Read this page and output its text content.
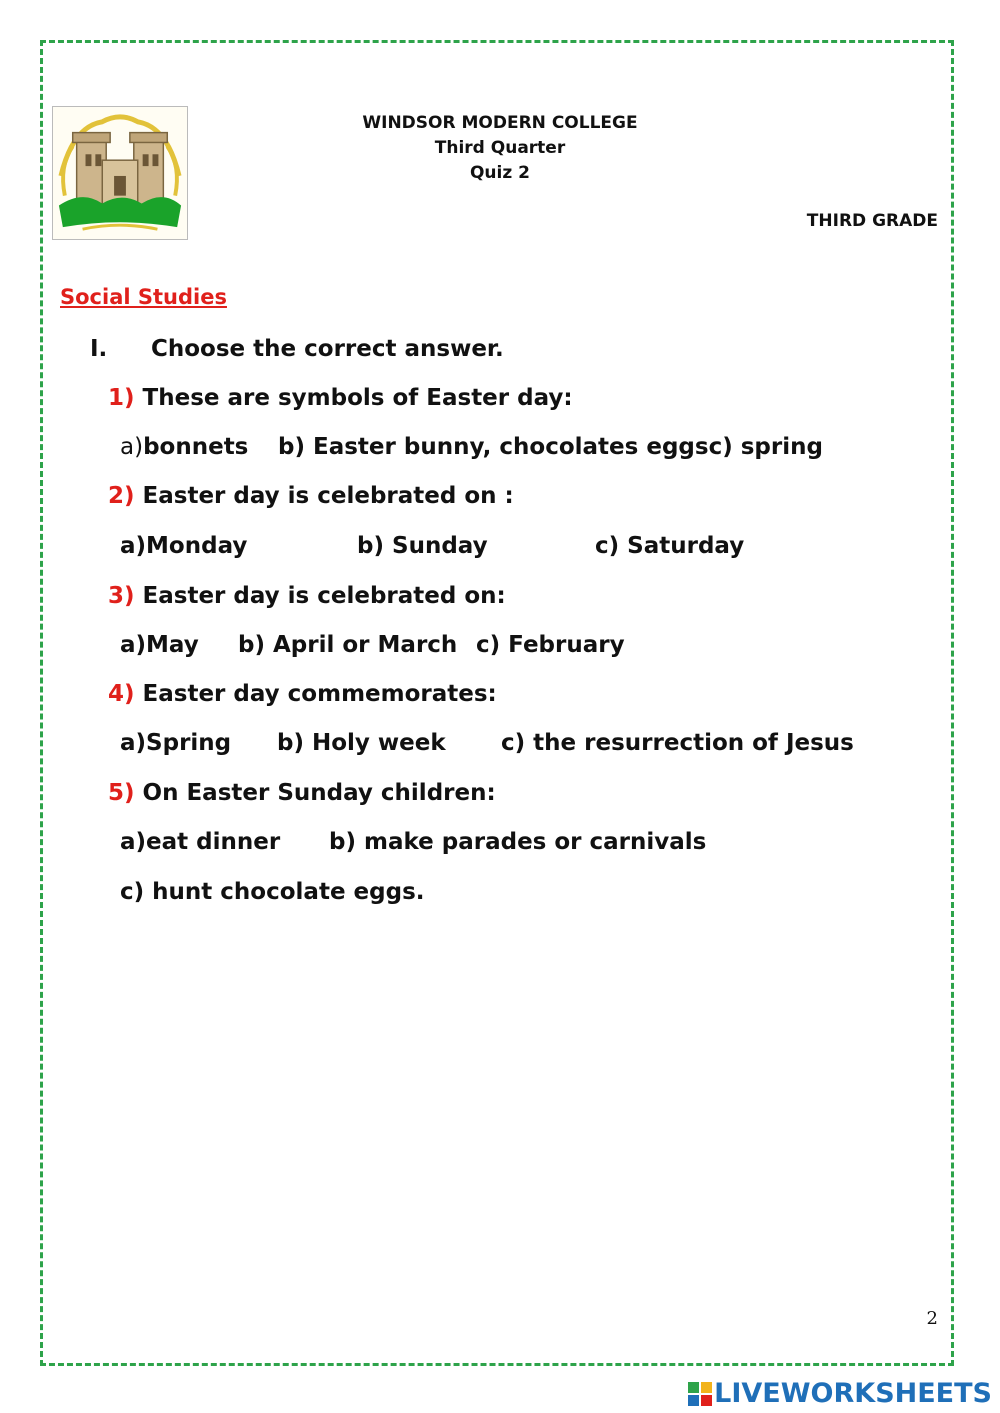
WINDSOR MODERN COLLEGE
Third Quarter
Quiz 2
THIRD GRADE
Social Studies
I. Choose the correct answer.
1) These are symbols of Easter day:
a)bonnets b) Easter bunny, chocolates eggsc) spring
2) Easter day is celebrated on :
a)Monday	b) Sunday	c) Saturday
3) Easter day is celebrated on:
a)May b) April or March c) February
4) Easter day commemorates:
a)Spring b) Holy week c) the resurrection of Jesus
5) On Easter Sunday children:
a)eat dinner b) make parades or carnivals
c) hunt chocolate eggs.
2
LIVEWORKSHEETS
